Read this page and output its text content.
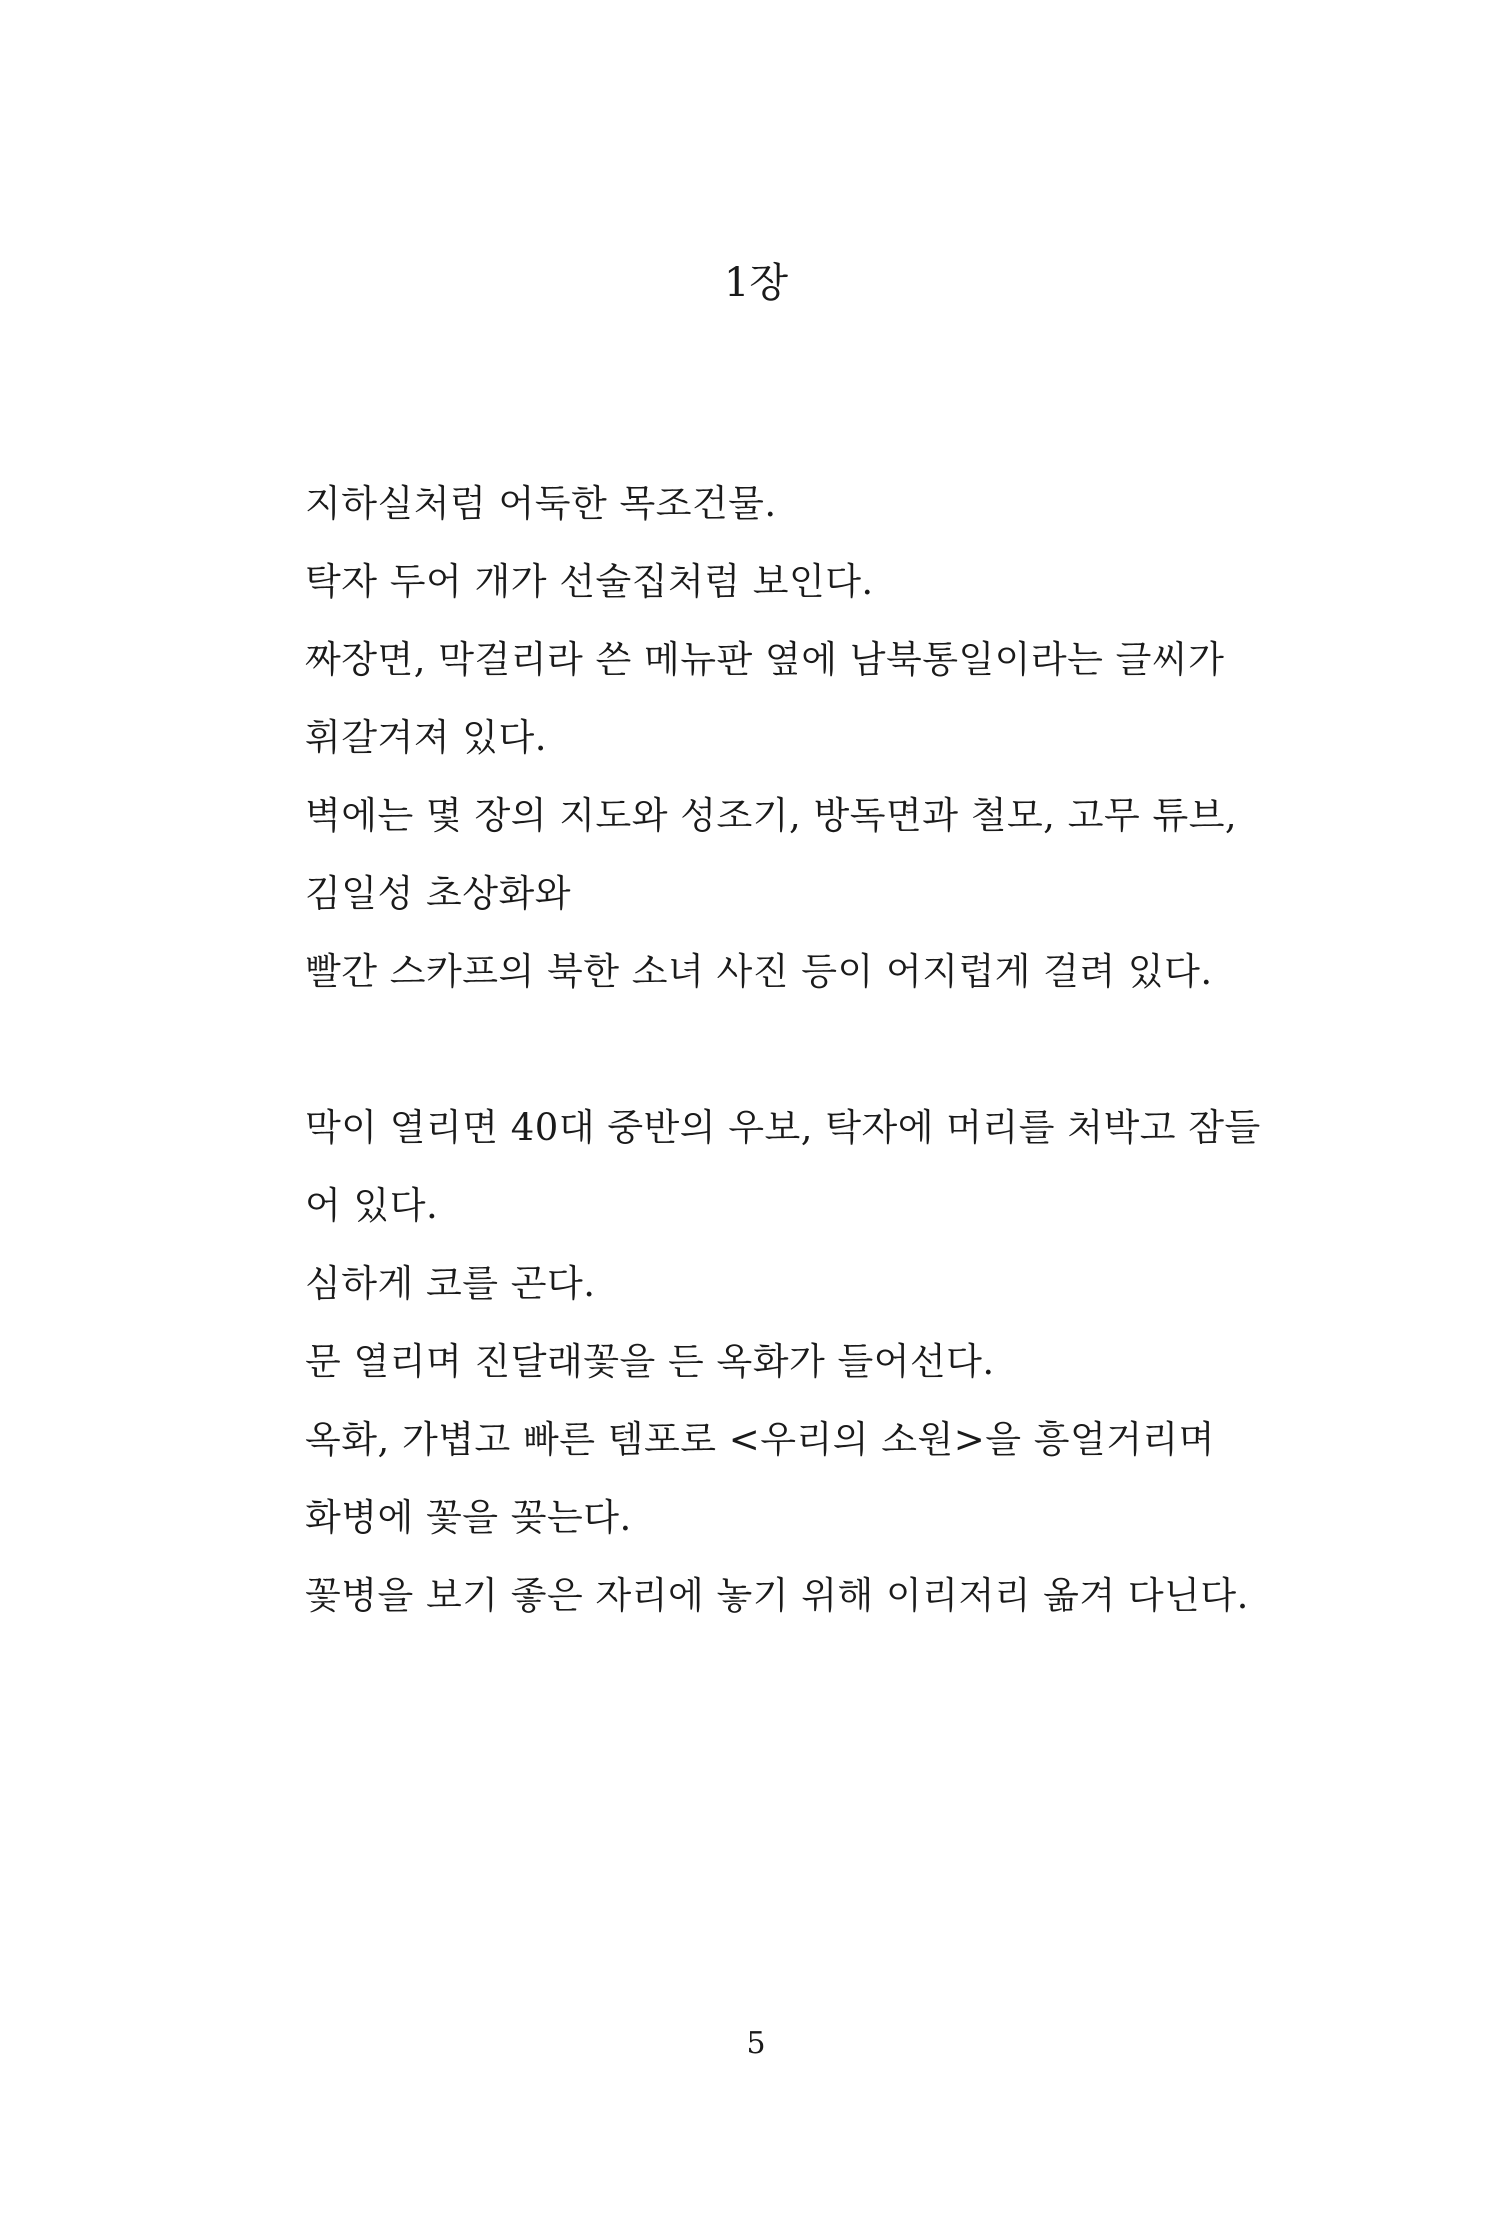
1장

지하실처럼 어둑한 목조건물.
탁자 두어 개가 선술집처럼 보인다.
짜장면, 막걸리라 쓴 메뉴판 옆에 남북통일이라는 글씨가
휘갈겨져 있다.
벽에는 몇 장의 지도와 성조기, 방독면과 철모, 고무 튜브,
김일성 초상화와
빨간 스카프의 북한 소녀 사진 등이 어지럽게 걸려 있다.

막이 열리면 40대 중반의 우보, 탁자에 머리를 처박고 잠들
어 있다.
심하게 코를 곤다.
문 열리며 진달래꽃을 든 옥화가 들어선다.
옥화, 가볍고 빠른 템포로 <우리의 소원>을 흥얼거리며
화병에 꽃을 꽂는다.
꽃병을 보기 좋은 자리에 놓기 위해 이리저리 옮겨 다닌다.

5
